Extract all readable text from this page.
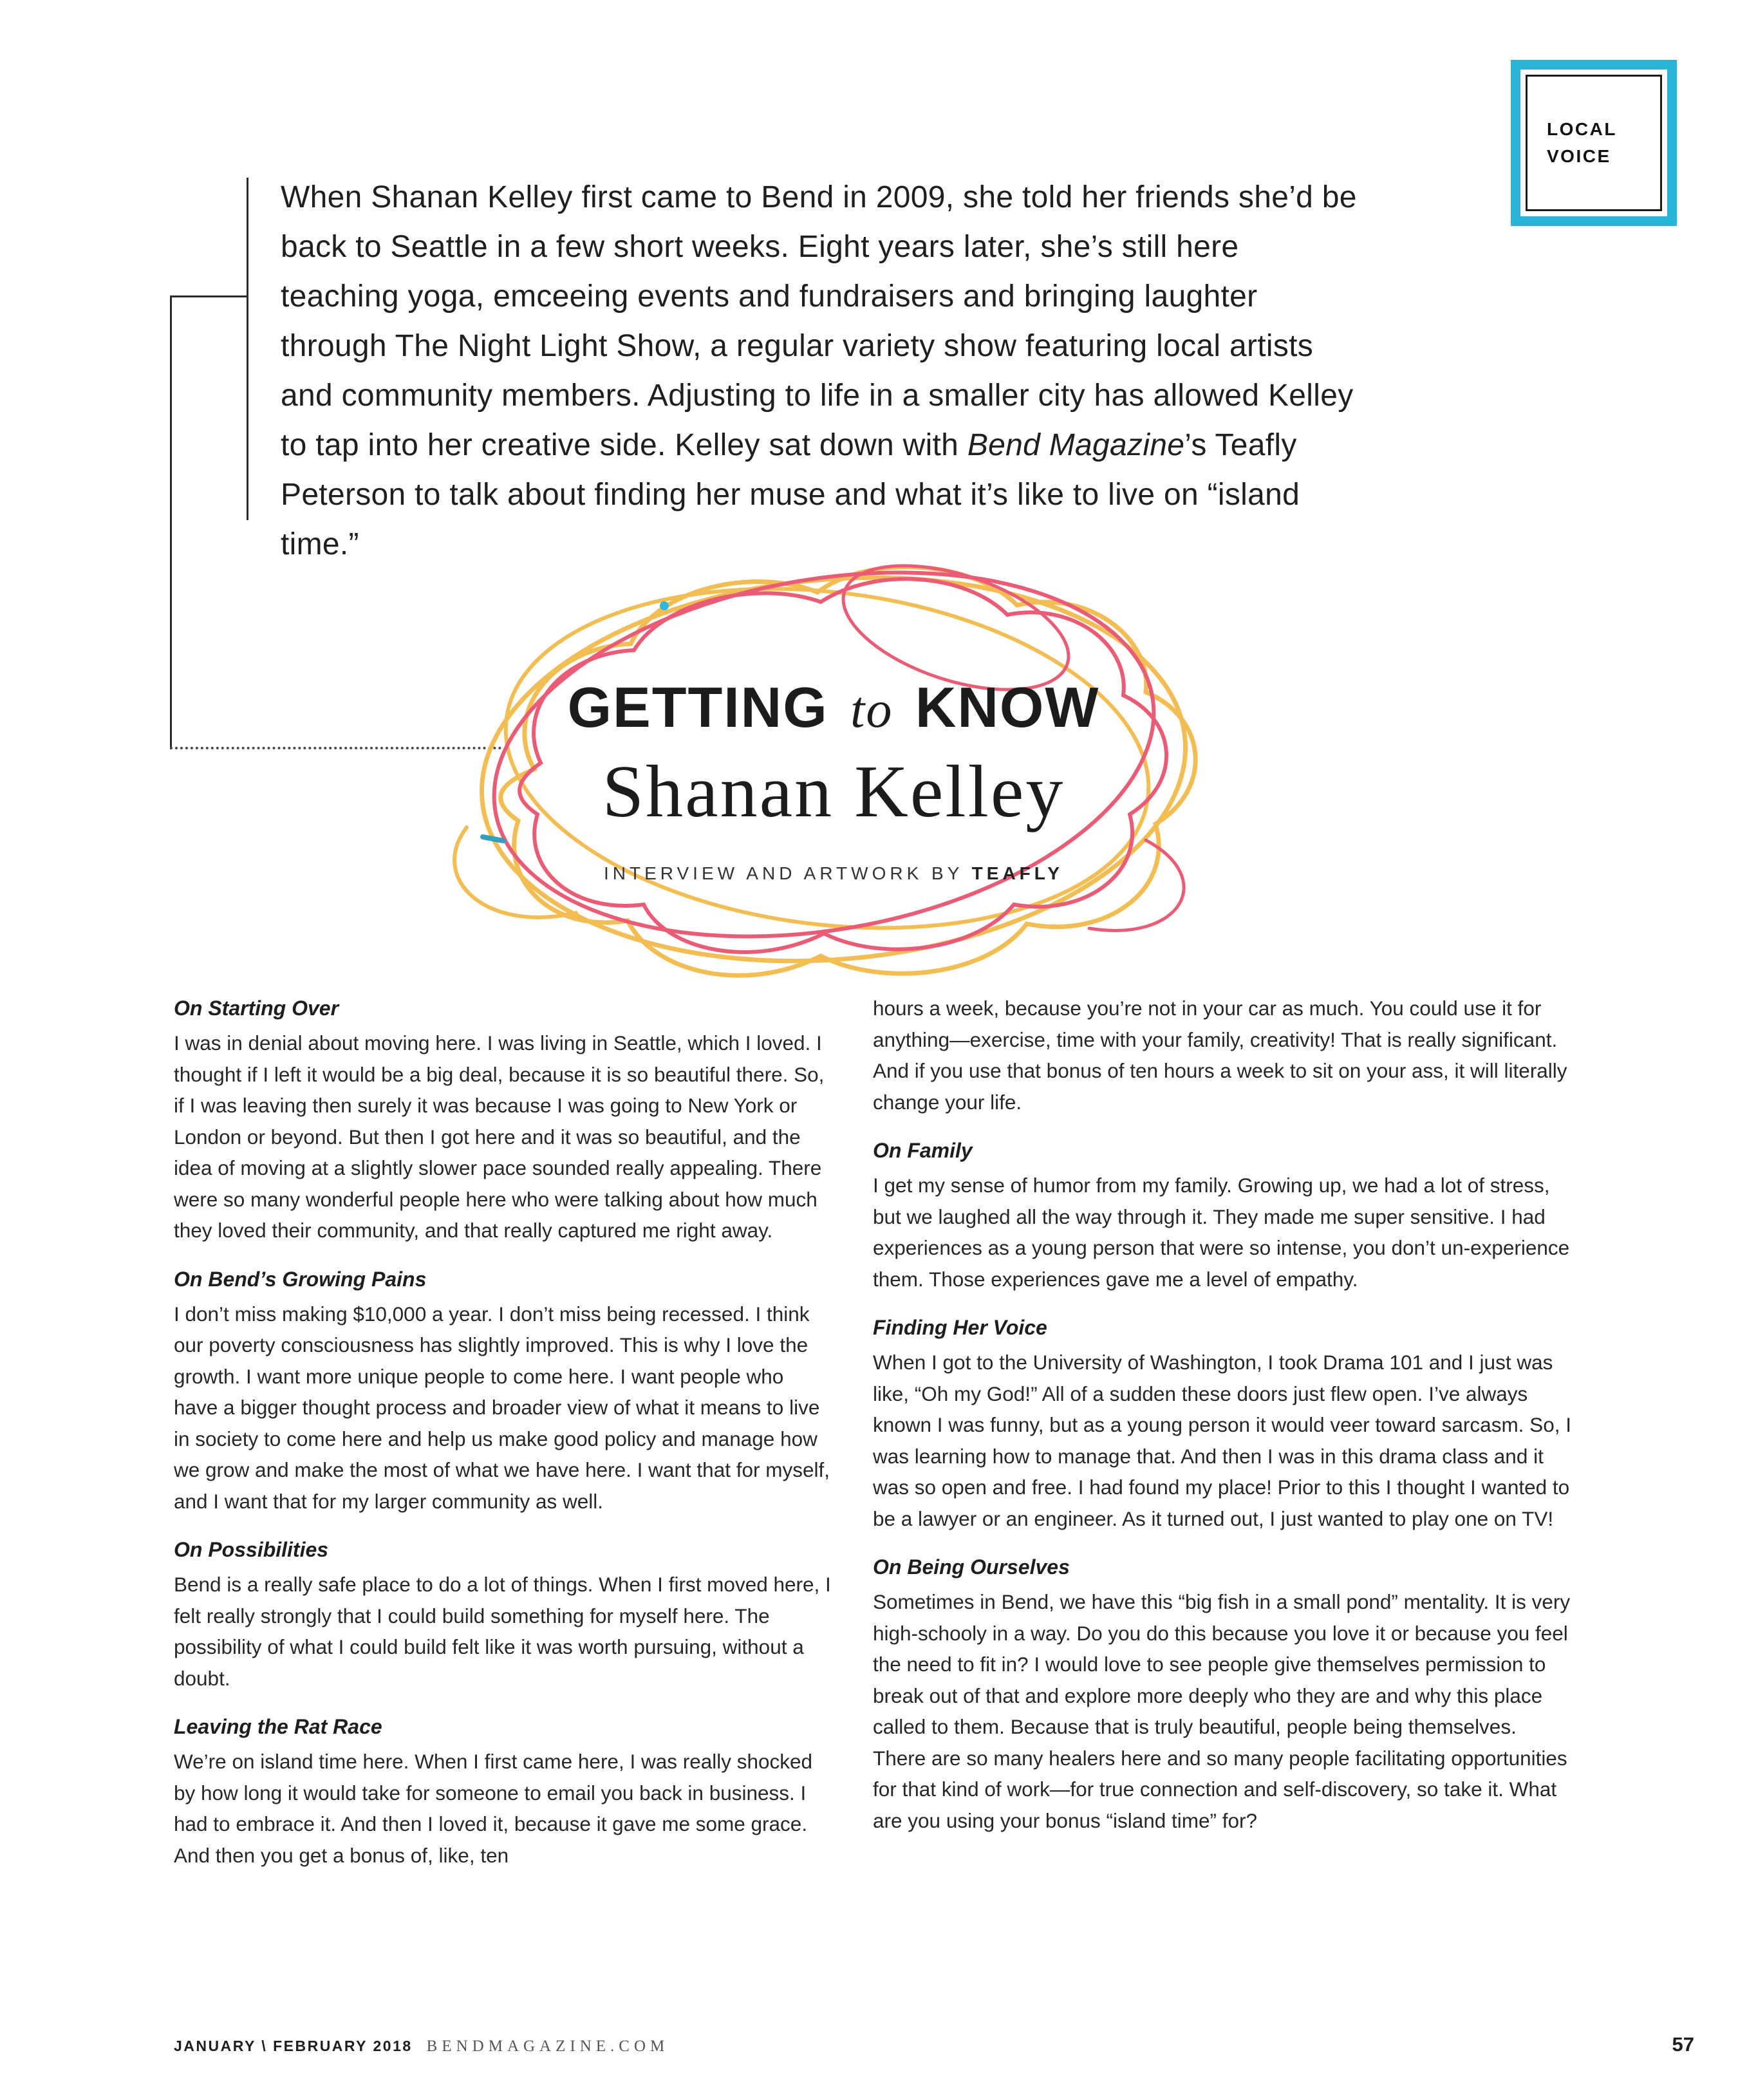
LOCAL
VOICE

When Shanan Kelley first came to Bend in 2009, she told her friends she’d be back to Seattle in a few short weeks. Eight years later, she’s still here teaching yoga, emceeing events and fundraisers and bringing laughter through The Night Light Show, a regular variety show featuring local artists and community members. Adjusting to life in a smaller city has allowed Kelley to tap into her creative side. Kelley sat down with Bend Magazine’s Teafly Peterson to talk about finding her muse and what it’s like to live on “island time.”

GETTING to KNOW
Shanan Kelley
INTERVIEW AND ARTWORK BY TEAFLY
On Starting Over

I was in denial about moving here. I was living in Seattle, which I loved. I thought if I left it would be a big deal, because it is so beautiful there. So, if I was leaving then surely it was because I was going to New York or London or beyond. But then I got here and it was so beautiful, and the idea of moving at a slightly slower pace sounded really appealing. There were so many wonderful people here who were talking about how much they loved their community, and that really captured me right away.

On Bend’s Growing Pains

I don’t miss making $10,000 a year. I don’t miss being recessed. I think our poverty consciousness has slightly improved. This is why I love the growth. I want more unique people to come here. I want people who have a bigger thought process and broader view of what it means to live in society to come here and help us make good policy and manage how we grow and make the most of what we have here. I want that for myself, and I want that for my larger community as well.

On Possibilities

Bend is a really safe place to do a lot of things. When I first moved here, I felt really strongly that I could build something for myself here. The possibility of what I could build felt like it was worth pursuing, without a doubt.

Leaving the Rat Race

We’re on island time here. When I first came here, I was really shocked by how long it would take for someone to email you back in business. I had to embrace it. And then I loved it, because it gave me some grace. And then you get a bonus of, like, ten

hours a week, because you’re not in your car as much. You could use it for anything—exercise, time with your family, creativity! That is really significant. And if you use that bonus of ten hours a week to sit on your ass, it will literally change your life.

On Family

I get my sense of humor from my family. Growing up, we had a lot of stress, but we laughed all the way through it. They made me super sensitive. I had experiences as a young person that were so intense, you don’t un-experience them. Those experiences gave me a level of empathy.

Finding Her Voice

When I got to the University of Washington, I took Drama 101 and I just was like, “Oh my God!” All of a sudden these doors just flew open. I’ve always known I was funny, but as a young person it would veer toward sarcasm. So, I was learning how to manage that. And then I was in this drama class and it was so open and free. I had found my place! Prior to this I thought I wanted to be a lawyer or an engineer. As it turned out, I just wanted to play one on TV!

On Being Ourselves

Sometimes in Bend, we have this “big fish in a small pond” mentality. It is very high-schooly in a way. Do you do this because you love it or because you feel the need to fit in? I would love to see people give themselves permission to break out of that and explore more deeply who they are and why this place called to them. Because that is truly beautiful, people being themselves. There are so many healers here and so many people facilitating opportunities for that kind of work—for true connection and self-discovery, so take it. What are you using your bonus “island time” for?

JANUARY \ FEBRUARY 2018 BENDMAGAZINE.COM	57
